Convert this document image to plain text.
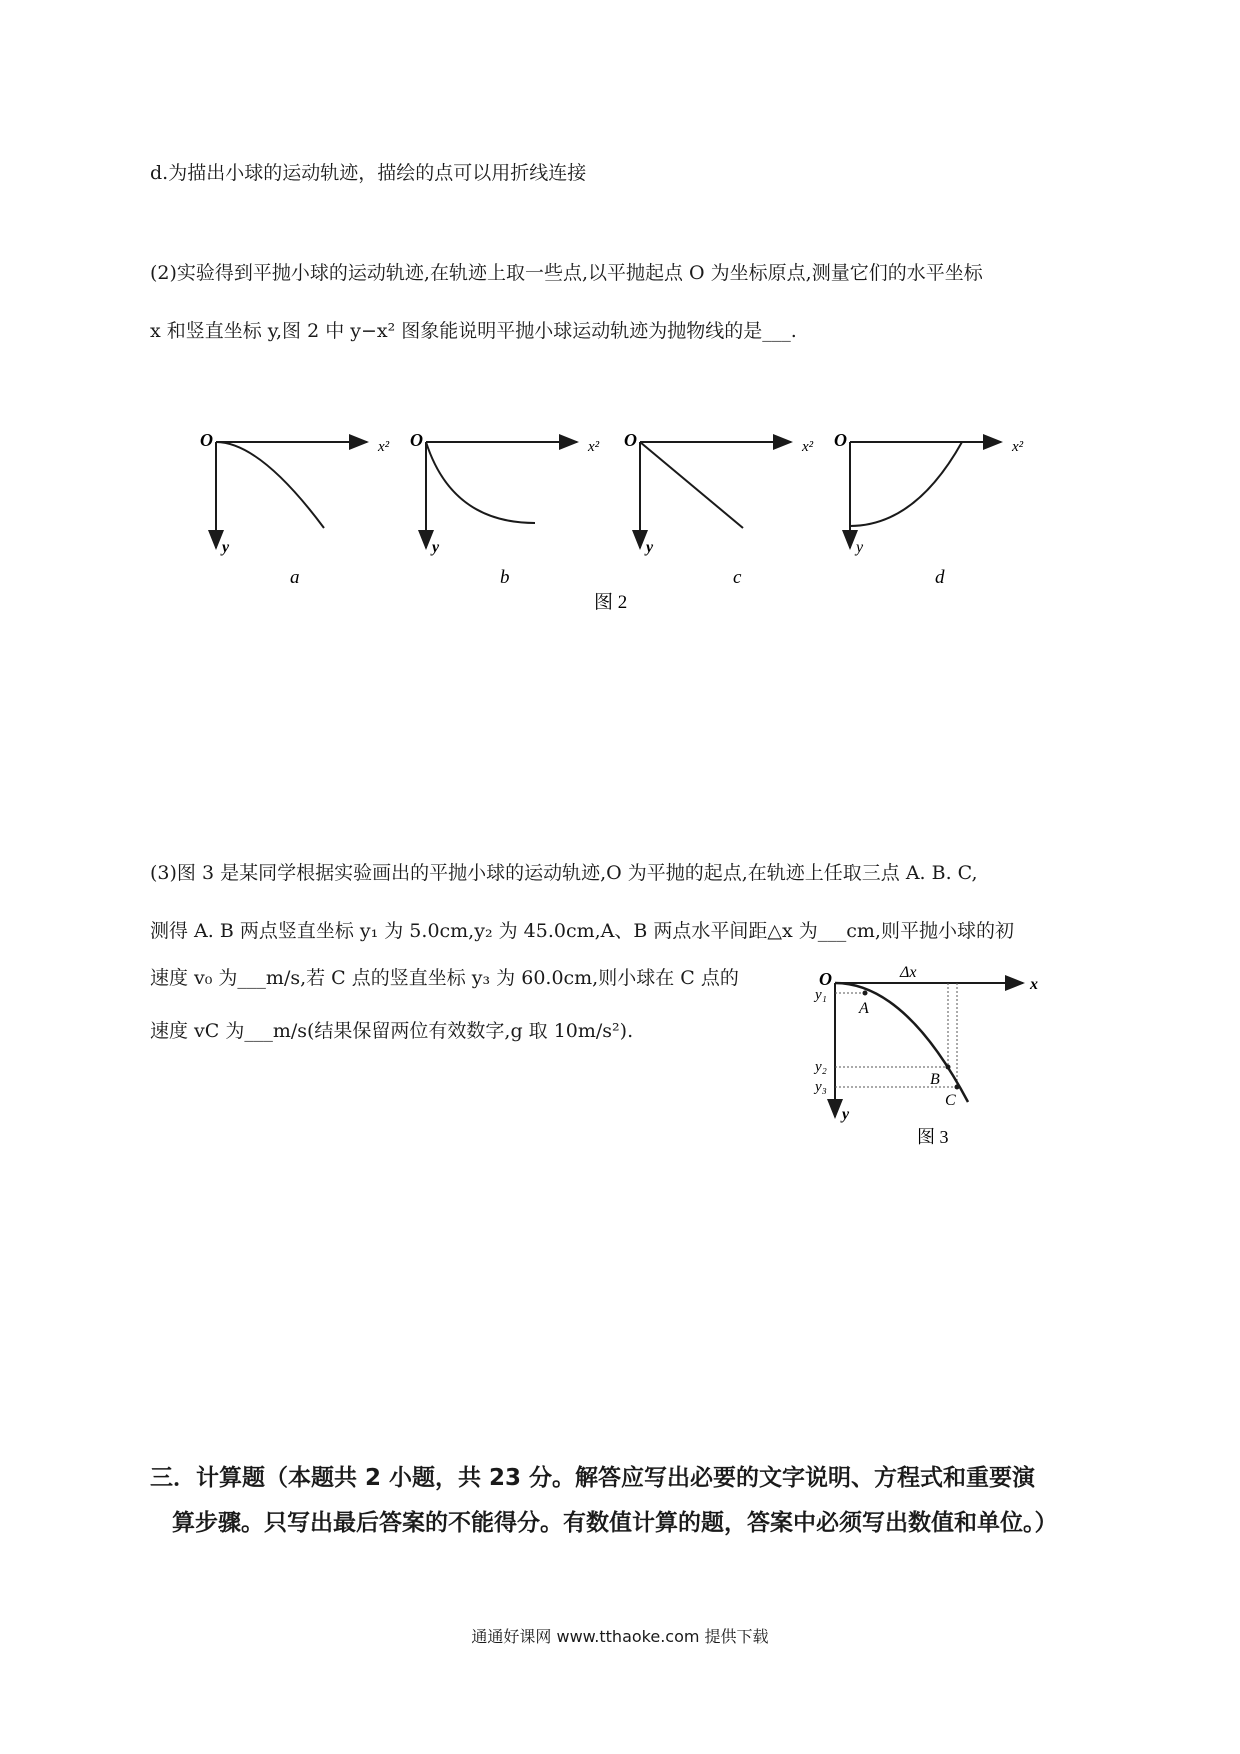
d.为描出小球的运动轨迹，描绘的点可以用折线连接
(2)实验得到平抛小球的运动轨迹,在轨迹上取一些点,以平抛起点 O 为坐标原点,测量它们的水平坐标
x 和竖直坐标 y,图 2 中 y−x² 图象能说明平抛小球运动轨迹为抛物线的是___.
O	x²
y
a
O	x²
y
b
O	x²
y
c
O	x²
y
d
图 2
(3)图 3 是某同学根据实验画出的平抛小球的运动轨迹,O 为平抛的起点,在轨迹上任取三点 A. B. C,
测得 A. B 两点竖直坐标 y₁ 为 5.0cm,y₂ 为 45.0cm,A、B 两点水平间距△x 为___cm,则平抛小球的初
速度 v₀ 为___m/s,若 C 点的竖直坐标 y₃ 为 60.0cm,则小球在 C 点的
速度 vC 为___m/s(结果保留两位有效数字,g 取 10m/s²).
O	x
y
Δx
y₁
y₂
y₃
A
B
C
图 3
三．计算题（本题共 2 小题，共 23 分。解答应写出必要的文字说明、方程式和重要演
算步骤。只写出最后答案的不能得分。有数值计算的题，答案中必须写出数值和单位。）
通通好课网 www.tthaoke.com 提供下载
